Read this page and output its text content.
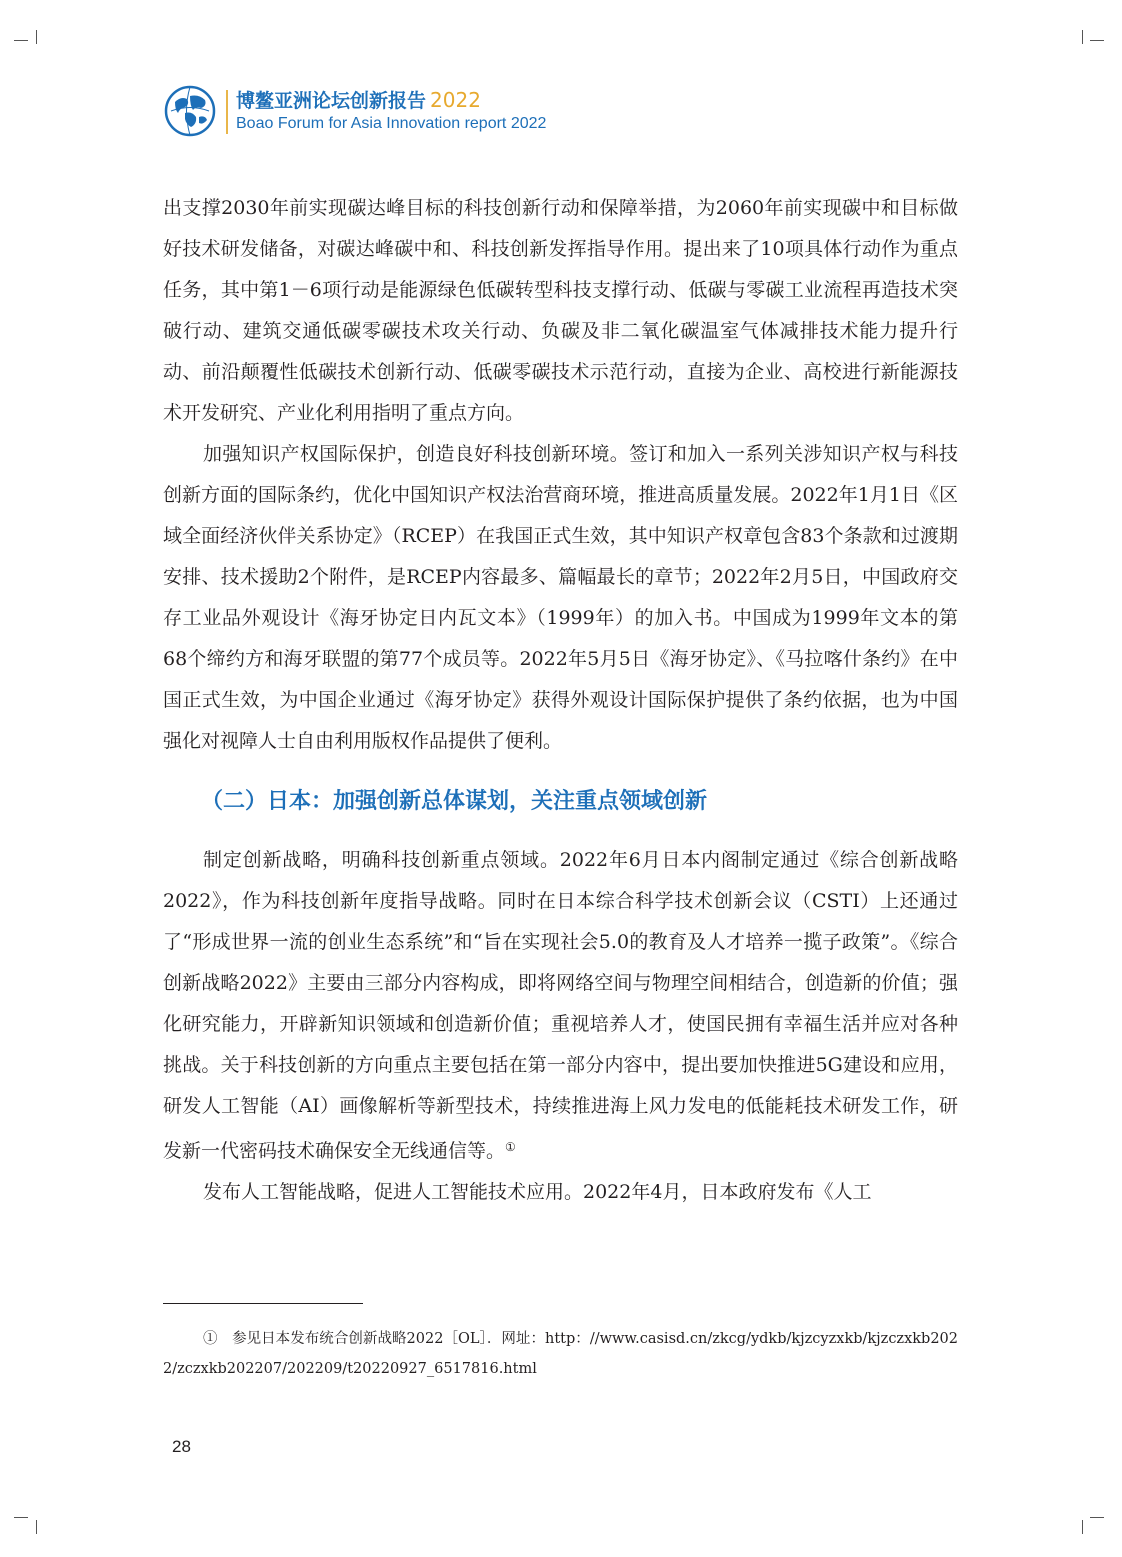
博鳌亚洲论坛创新报告 2022
Boao Forum for Asia Innovation report 2022

出支撑2030年前实现碳达峰目标的科技创新行动和保障举措，为2060年前实现碳中和目标做好技术研发储备，对碳达峰碳中和、科技创新发挥指导作用。提出来了10项具体行动作为重点任务，其中第1－6项行动是能源绿色低碳转型科技支撑行动、低碳与零碳工业流程再造技术突破行动、建筑交通低碳零碳技术攻关行动、负碳及非二氧化碳温室气体减排技术能力提升行动、前沿颠覆性低碳技术创新行动、低碳零碳技术示范行动，直接为企业、高校进行新能源技术开发研究、产业化利用指明了重点方向。

加强知识产权国际保护，创造良好科技创新环境。签订和加入一系列关涉知识产权与科技创新方面的国际条约，优化中国知识产权法治营商环境，推进高质量发展。2022年1月1日《区域全面经济伙伴关系协定》（RCEP）在我国正式生效，其中知识产权章包含83个条款和过渡期安排、技术援助2个附件，是RCEP内容最多、篇幅最长的章节；2022年2月5日，中国政府交存工业品外观设计《海牙协定日内瓦文本》（1999年）的加入书。中国成为1999年文本的第68个缔约方和海牙联盟的第77个成员等。2022年5月5日《海牙协定》、《马拉喀什条约》在中国正式生效，为中国企业通过《海牙协定》获得外观设计国际保护提供了条约依据，也为中国强化对视障人士自由利用版权作品提供了便利。

（二）日本：加强创新总体谋划，关注重点领域创新

制定创新战略，明确科技创新重点领域。2022年6月日本内阁制定通过《综合创新战略2022》，作为科技创新年度指导战略。同时在日本综合科学技术创新会议（CSTI）上还通过了“形成世界一流的创业生态系统”和“旨在实现社会5.0的教育及人才培养一揽子政策”。《综合创新战略2022》主要由三部分内容构成，即将网络空间与物理空间相结合，创造新的价值；强化研究能力，开辟新知识领域和创造新价值；重视培养人才，使国民拥有幸福生活并应对各种挑战。关于科技创新的方向重点主要包括在第一部分内容中，提出要加快推进5G建设和应用，研发人工智能（AI）画像解析等新型技术，持续推进海上风力发电的低能耗技术研发工作，研发新一代密码技术确保安全无线通信等。①

发布人工智能战略，促进人工智能技术应用。2022年4月，日本政府发布《人工

①　参见日本发布统合创新战略2022［OL］．网址：http：//www.casisd.cn/zkcg/ydkb/kjzcyzxkb/kjzczxkb2022/zczxkb202207/202209/t20220927_6517816.html

28
